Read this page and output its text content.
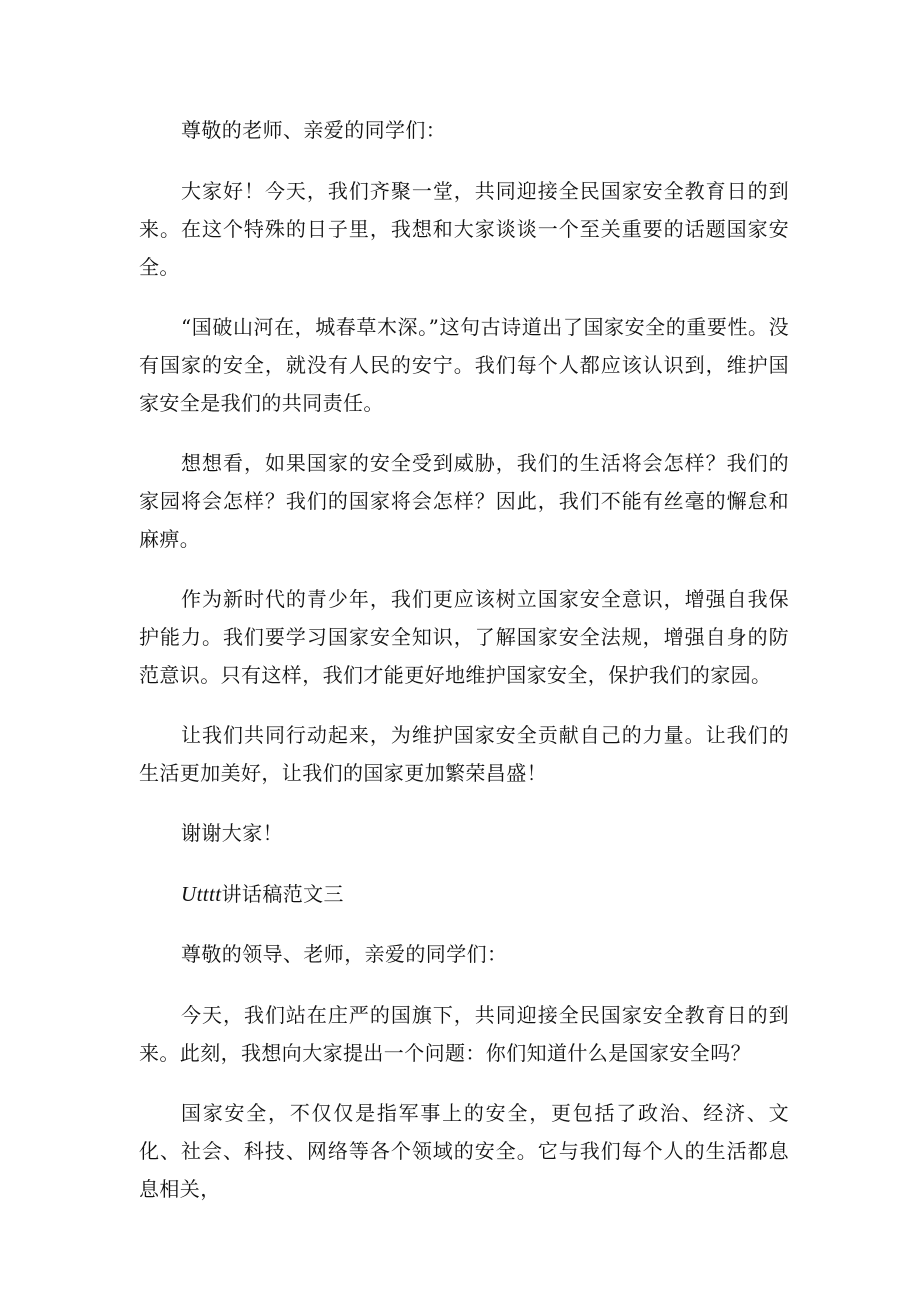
尊敬的老师、亲爱的同学们：

大家好！今天，我们齐聚一堂，共同迎接全民国家安全教育日的到来。在这个特殊的日子里，我想和大家谈谈一个至关重要的话题国家安全。

“国破山河在，城春草木深。”这句古诗道出了国家安全的重要性。没有国家的安全，就没有人民的安宁。我们每个人都应该认识到，维护国家安全是我们的共同责任。

想想看，如果国家的安全受到威胁，我们的生活将会怎样？我们的家园将会怎样？我们的国家将会怎样？因此，我们不能有丝毫的懈怠和麻痹。

作为新时代的青少年，我们更应该树立国家安全意识，增强自我保护能力。我们要学习国家安全知识，了解国家安全法规，增强自身的防范意识。只有这样，我们才能更好地维护国家安全，保护我们的家园。

让我们共同行动起来，为维护国家安全贡献自己的力量。让我们的生活更加美好，让我们的国家更加繁荣昌盛！

谢谢大家！

Utttt讲话稿范文三

尊敬的领导、老师，亲爱的同学们：

今天，我们站在庄严的国旗下，共同迎接全民国家安全教育日的到来。此刻，我想向大家提出一个问题：你们知道什么是国家安全吗？

国家安全，不仅仅是指军事上的安全，更包括了政治、经济、文化、社会、科技、网络等各个领域的安全。它与我们每个人的生活都息息相关，
